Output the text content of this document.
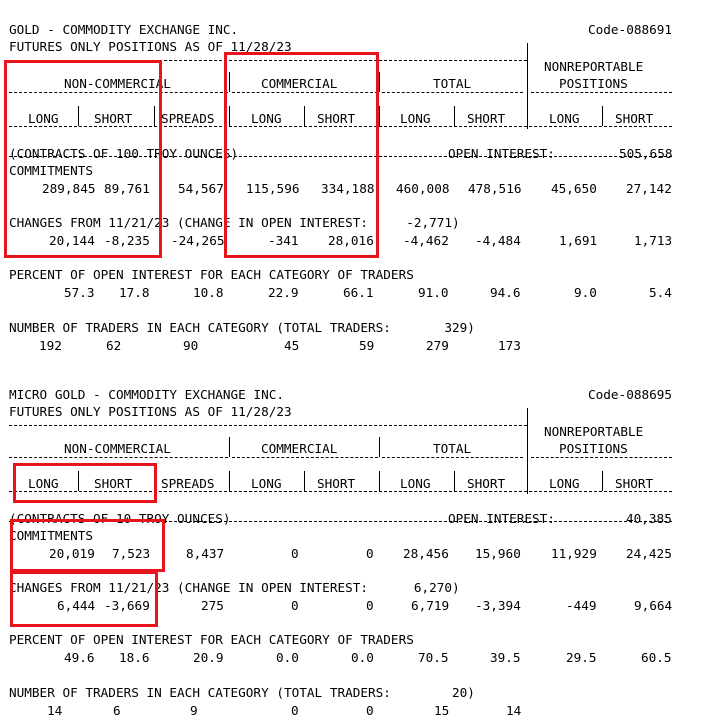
GOLD - COMMODITY EXCHANGE INC.	Code-088691
FUTURES ONLY POSITIONS AS OF 11/28/23
NONREPORTABLE
NON-COMMERCIAL	COMMERCIAL	TOTAL	POSITIONS
LONG	SHORT SPREADS	LONG	SHORT	LONG	SHORT	LONG	SHORT
(CONTRACTS OF 100 TROY OUNCES)	OPEN INTEREST:	505,658
COMMITMENTS
289,845 89,761 54,567 115,596 334,188 460,008 478,516 45,650 27,142
CHANGES FROM 11/21/23 (CHANGE IN OPEN INTEREST:     -2,771)
20,144 -8,235 -24,265	-341 28,016 -4,462 -4,484	1,691	1,713
PERCENT OF OPEN INTEREST FOR EACH CATEGORY OF TRADERS
57.3 17.8	10.8	22.9	66.1	91.0	94.6	9.0	5.4
NUMBER OF TRADERS IN EACH CATEGORY (TOTAL TRADERS:       329)
192	62	90	45	59	279	173
MICRO GOLD - COMMODITY EXCHANGE INC.	Code-088695
FUTURES ONLY POSITIONS AS OF 11/28/23
NONREPORTABLE
NON-COMMERCIAL	COMMERCIAL	TOTAL	POSITIONS
LONG	SHORT SPREADS	LONG	SHORT	LONG	SHORT	LONG	SHORT
(CONTRACTS OF 10 TROY OUNCES)	OPEN INTEREST:	40,385
COMMITMENTS
20,019 7,523	8,437	0	0 28,456 15,960 11,929 24,425
CHANGES FROM 11/21/23 (CHANGE IN OPEN INTEREST:      6,270)
6,444 -3,669	275	0	0	6,719 -3,394	-449	9,664
PERCENT OF OPEN INTEREST FOR EACH CATEGORY OF TRADERS
49.6 18.6	20.9	0.0	0.0	70.5	39.5	29.5	60.5
NUMBER OF TRADERS IN EACH CATEGORY (TOTAL TRADERS:        20)
14	6	9	0	0	15	14
